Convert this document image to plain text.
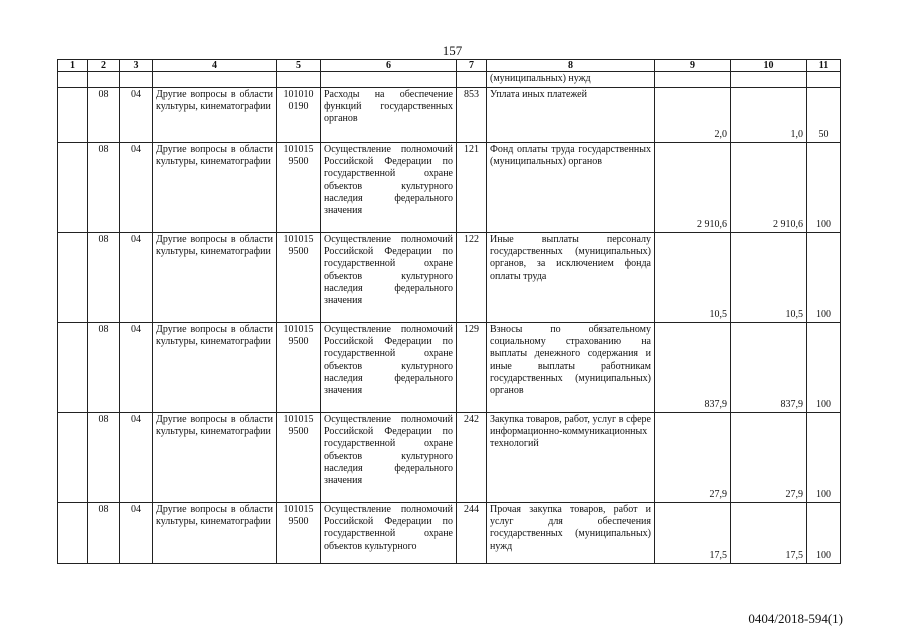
157
1	2	3	4	5	6	7	8	9	10	11
							(муниципальных) нужд			
	08	04	Другие вопросы в области культуры, кинематографии	101010 0190	Расходы на обеспечение функций государственных органов	853	Уплата иных платежей	2,0	1,0	50
	08	04	Другие вопросы в области культуры, кинематографии	101015 9500	Осуществление полномочий Российской Федерации по государственной охране объектов культурного наследия федерального значения	121	Фонд оплаты труда государственных (муниципальных) органов	2 910,6	2 910,6	100
	08	04	Другие вопросы в области культуры, кинематографии	101015 9500	Осуществление полномочий Российской Федерации по государственной охране объектов культурного наследия федерального значения	122	Иные выплаты персоналу государственных (муниципальных) органов, за исключением фонда оплаты труда	10,5	10,5	100
	08	04	Другие вопросы в области культуры, кинематографии	101015 9500	Осуществление полномочий Российской Федерации по государственной охране объектов культурного наследия федерального значения	129	Взносы по обязательному социальному страхованию на выплаты денежного содержания и иные выплаты работникам государственных (муниципальных) органов	837,9	837,9	100
	08	04	Другие вопросы в области культуры, кинематографии	101015 9500	Осуществление полномочий Российской Федерации по государственной охране объектов культурного наследия федерального значения	242	Закупка товаров, работ, услуг в сфере информационно-коммуникационных технологий	27,9	27,9	100
	08	04	Другие вопросы в области культуры, кинематографии	101015 9500	Осуществление полномочий Российской Федерации по государственной охране объектов культурного	244	Прочая закупка товаров, работ и услуг для обеспечения государственных (муниципальных) нужд	17,5	17,5	100
0404/2018-594(1)
